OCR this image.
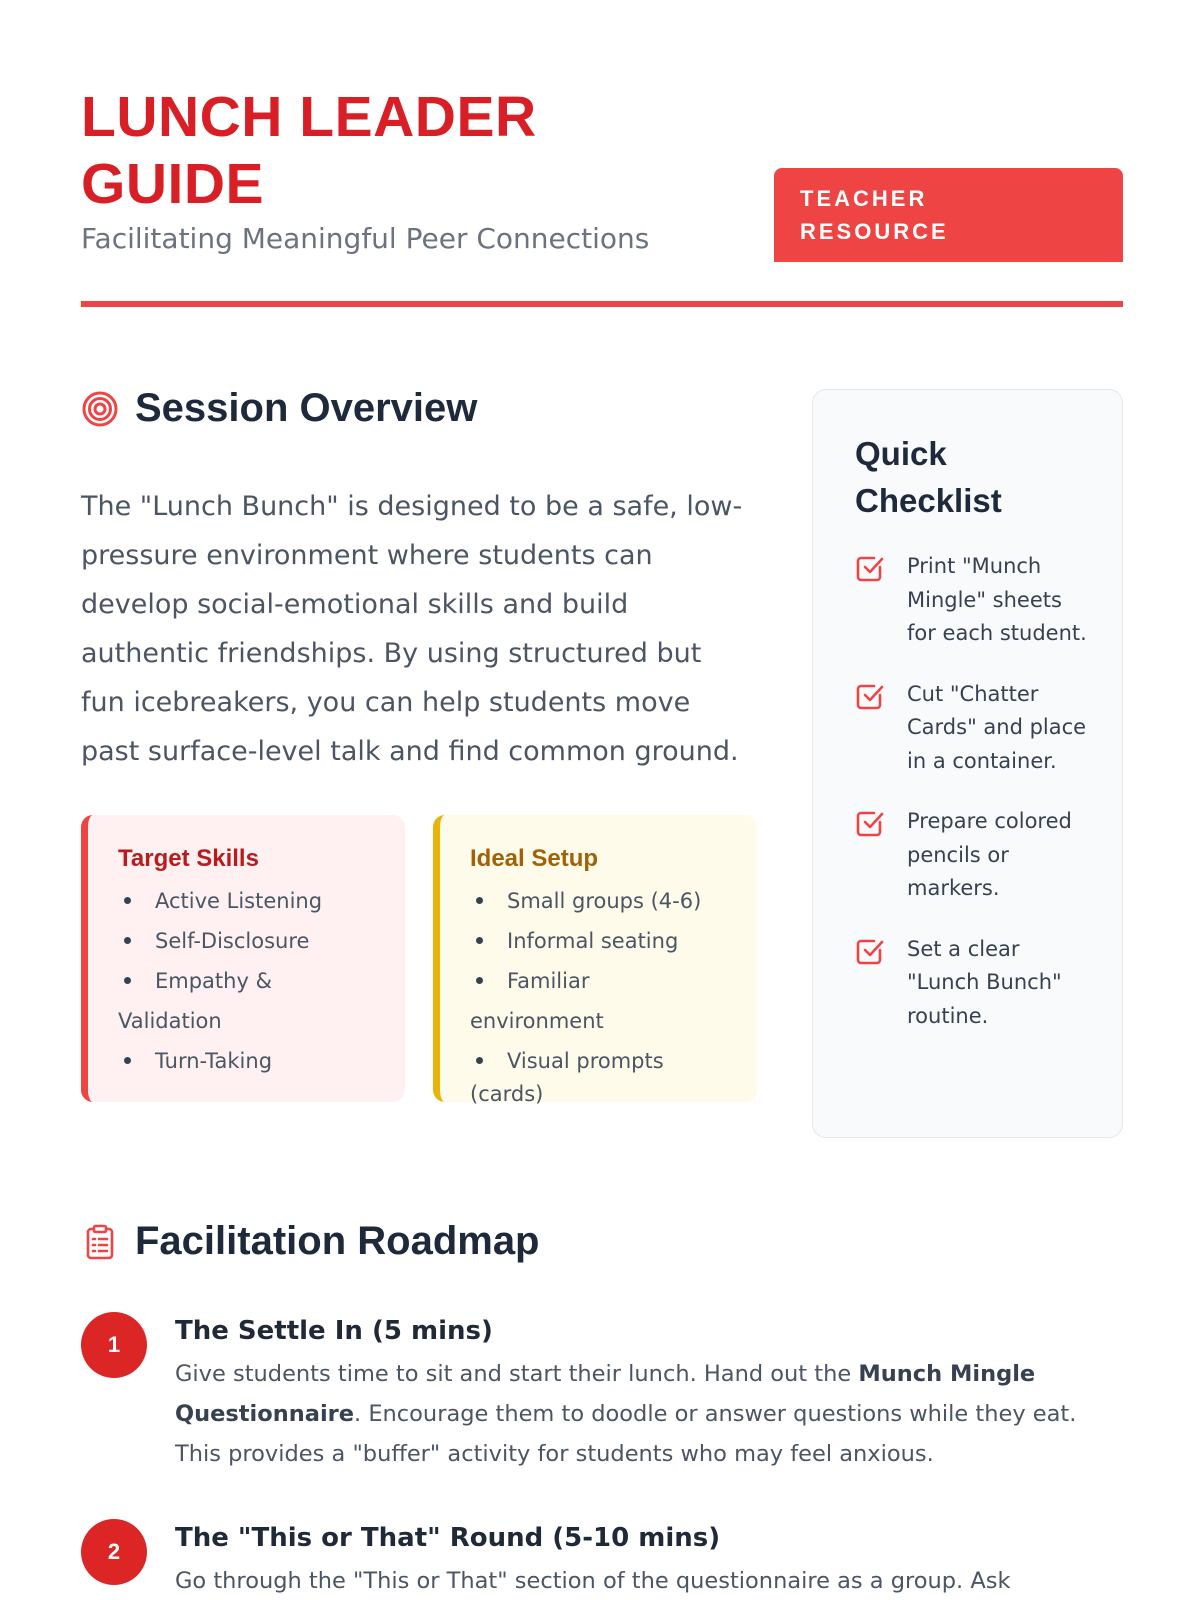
LUNCH LEADER GUIDE
Facilitating Meaningful Peer Connections
TEACHER
RESOURCE
Session Overview
The "Lunch Bunch" is designed to be a safe, low-pressure environment where students can develop social-emotional skills and build authentic friendships. By using structured but fun icebreakers, you can help students move past surface-level talk and find common ground.
Target Skills
Active Listening
Self-Disclosure
Empathy & Validation
Turn-Taking
Ideal Setup
Small groups (4-6)
Informal seating
Familiar environment
Visual prompts (cards)
Quick Checklist
Print "Munch Mingle" sheets for each student.
Cut "Chatter Cards" and place in a container.
Prepare colored pencils or markers.
Set a clear "Lunch Bunch" routine.
Facilitation Roadmap
1	The Settle In (5 mins)
Give students time to sit and start their lunch. Hand out the Munch Mingle Questionnaire. Encourage them to doodle or answer questions while they eat. This provides a "buffer" activity for students who may feel anxious.
2	The "This or That" Round (5-10 mins)
Go through the "This or That" section of the questionnaire as a group. Ask
